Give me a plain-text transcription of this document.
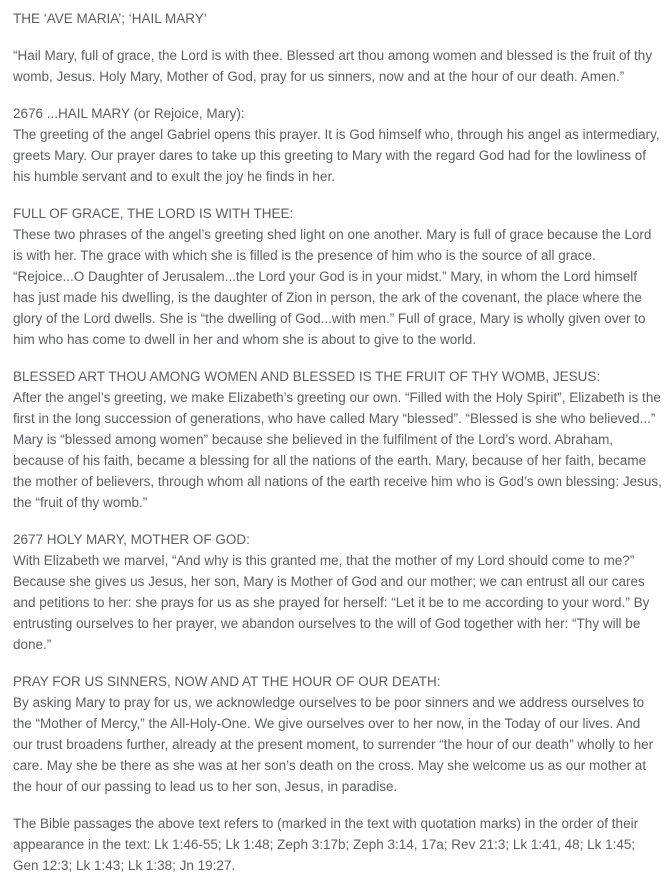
THE ‘AVE MARIA’; ‘HAIL MARY’
“Hail Mary, full of grace, the Lord is with thee. Blessed art thou among women and blessed is the fruit of thy womb, Jesus. Holy Mary, Mother of God, pray for us sinners, now and at the hour of our death. Amen.”
2676 ...HAIL MARY (or Rejoice, Mary):
The greeting of the angel Gabriel opens this prayer. It is God himself who, through his angel as intermediary, greets Mary. Our prayer dares to take up this greeting to Mary with the regard God had for the lowliness of his humble servant and to exult the joy he finds in her.
FULL OF GRACE, THE LORD IS WITH THEE:
These two phrases of the angel’s greeting shed light on one another. Mary is full of grace because the Lord is with her. The grace with which she is filled is the presence of him who is the source of all grace. “Rejoice...O Daughter of Jerusalem...the Lord your God is in your midst.” Mary, in whom the Lord himself has just made his dwelling, is the daughter of Zion in person, the ark of the covenant, the place where the glory of the Lord dwells. She is “the dwelling of God...with men.” Full of grace, Mary is wholly given over to him who has come to dwell in her and whom she is about to give to the world.
BLESSED ART THOU AMONG WOMEN AND BLESSED IS THE FRUIT OF THY WOMB, JESUS:
After the angel’s greeting, we make Elizabeth’s greeting our own. “Filled with the Holy Spirit”, Elizabeth is the first in the long succession of generations, who have called Mary “blessed”. “Blessed is she who believed...” Mary is “blessed among women” because she believed in the fulfilment of the Lord’s word. Abraham, because of his faith, became a blessing for all the nations of the earth. Mary, because of her faith, became the mother of believers, through whom all nations of the earth receive him who is God’s own blessing: Jesus, the “fruit of thy womb.”
2677 HOLY MARY, MOTHER OF GOD:
With Elizabeth we marvel, “And why is this granted me, that the mother of my Lord should come to me?” Because she gives us Jesus, her son, Mary is Mother of God and our mother; we can entrust all our cares and petitions to her: she prays for us as she prayed for herself: “Let it be to me according to your word.” By entrusting ourselves to her prayer, we abandon ourselves to the will of God together with her: “Thy will be done.”
PRAY FOR US SINNERS, NOW AND AT THE HOUR OF OUR DEATH:
By asking Mary to pray for us, we acknowledge ourselves to be poor sinners and we address ourselves to the “Mother of Mercy,” the All-Holy-One. We give ourselves over to her now, in the Today of our lives. And our trust broadens further, already at the present moment, to surrender “the hour of our death” wholly to her care. May she be there as she was at her son’s death on the cross. May she welcome us as our mother at the hour of our passing to lead us to her son, Jesus, in paradise.
The Bible passages the above text refers to (marked in the text with quotation marks) in the order of their appearance in the text: Lk 1:46-55; Lk 1:48; Zeph 3:17b; Zeph 3:14, 17a; Rev 21:3; Lk 1:41, 48; Lk 1:45; Gen 12:3; Lk 1:43; Lk 1:38; Jn 19:27.
